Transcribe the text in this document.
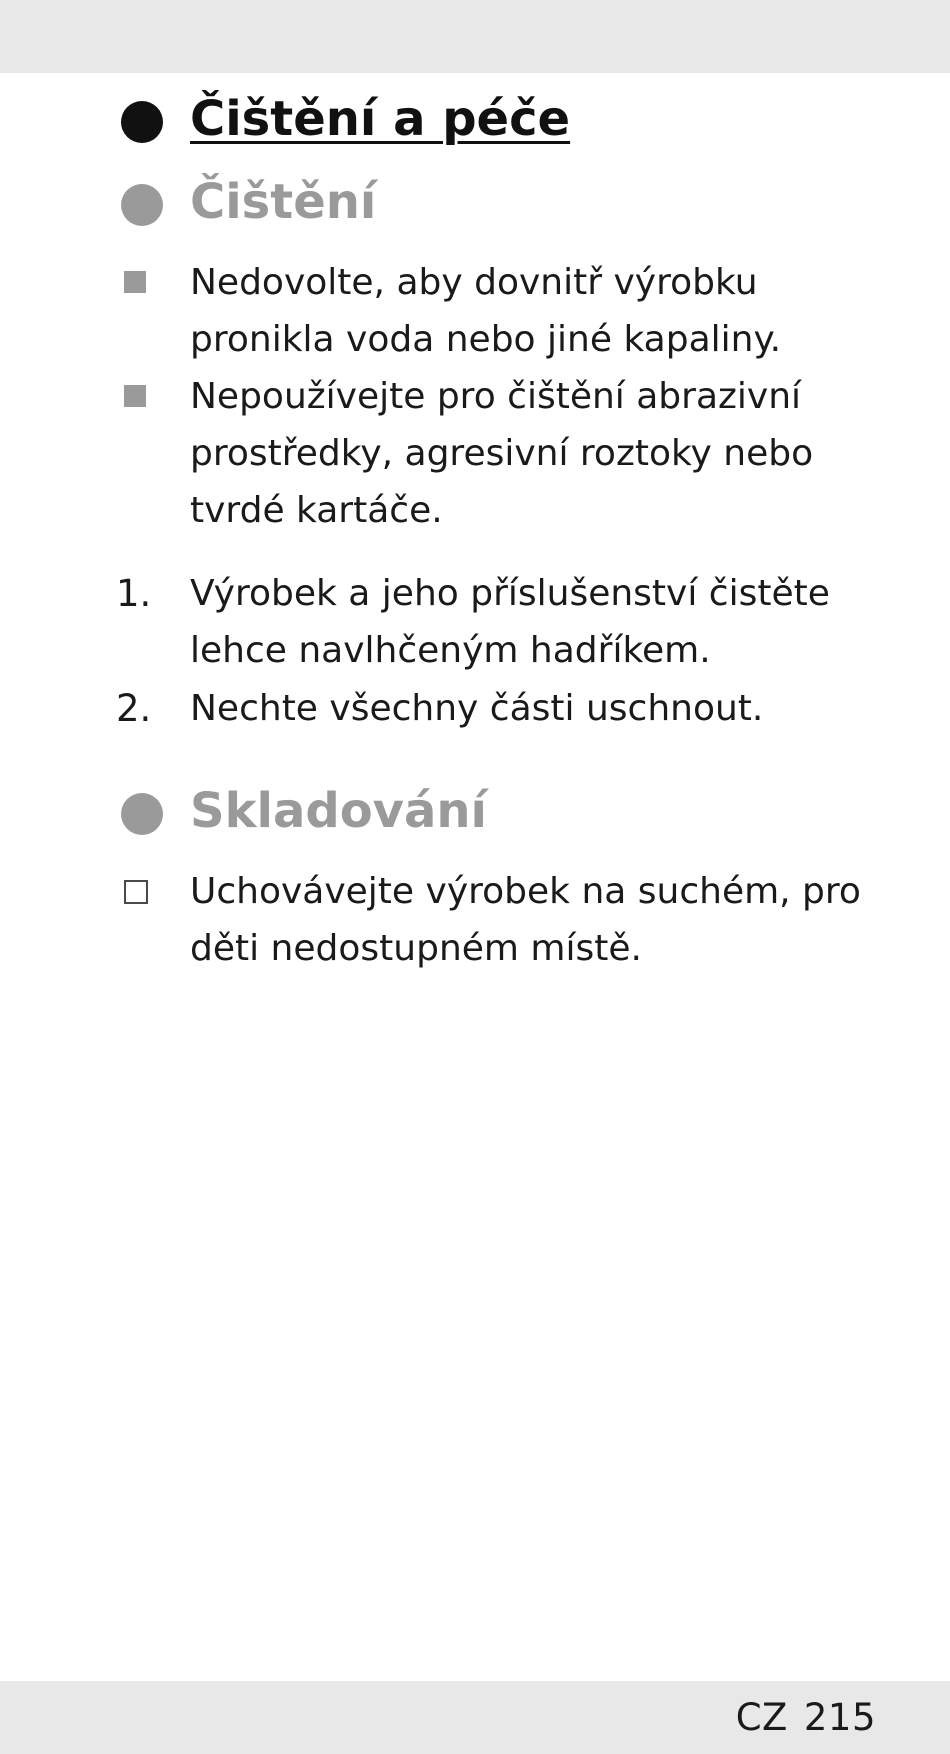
Čištění a péče
Čištění
Nedovolte, aby dovnitř výrobku
pronikla voda nebo jiné kapaliny.
Nepoužívejte pro čištění abrazivní
prostředky, agresivní roztoky nebo
tvrdé kartáče.
1. Výrobek a jeho příslušenství čistěte
lehce navlhčeným hadříkem.
2. Nechte všechny části uschnout.
Skladování
Uchovávejte výrobek na suchém, pro
děti nedostupném místě.
CZ 215
